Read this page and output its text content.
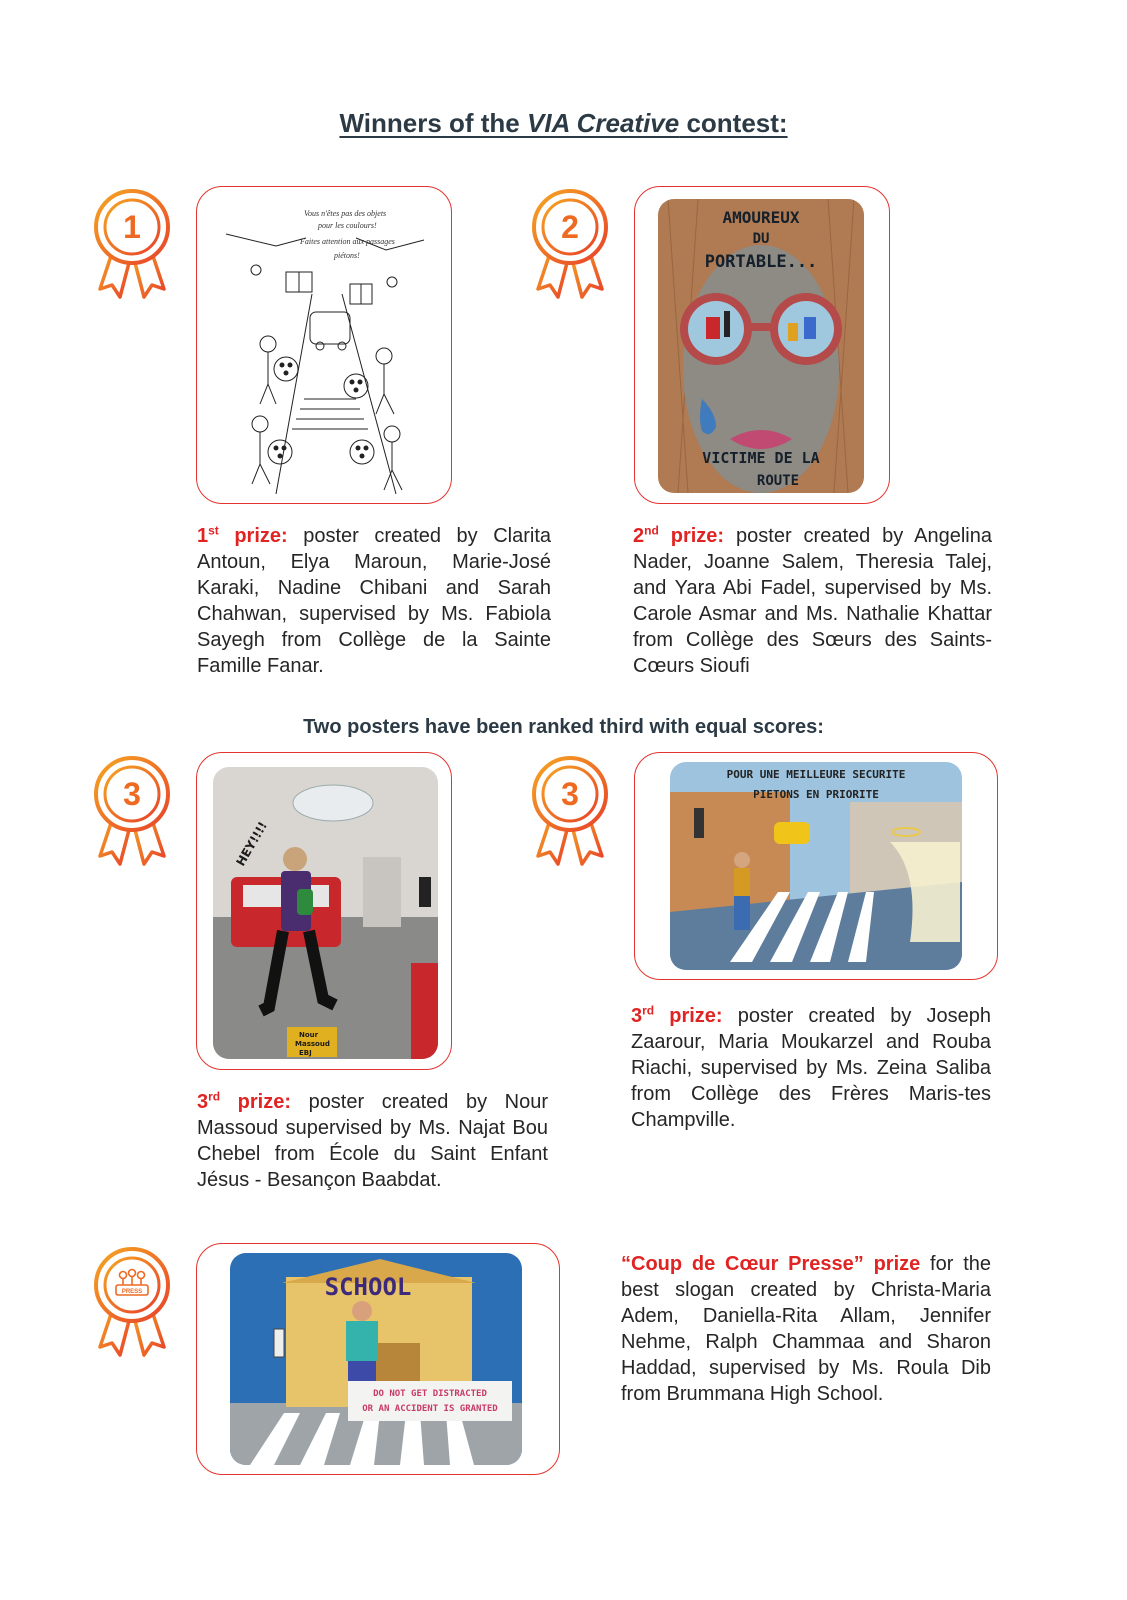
Winners of the VIA Creative contest:
1	2
3	3
PRESS
Vous n'êtes pas des objets
pour les coulours!
Faites attention aux passages
piétons!
AMOUREUX
DU
PORTABLE...
VICTIME DE LA
ROUTE
HEY!!!!
Nour
Massoud
EBJ
POUR UNE MEILLEURE SECURITE
PIETONS EN PRIORITE
SCHOOL
DO NOT GET DISTRACTED
OR AN ACCIDENT IS GRANTED
1st prize: poster created by Clarita Antoun, Elya Maroun, Marie-José Karaki, Nadine Chibani and Sarah Chahwan, supervised by Ms. Fabiola Sayegh from Collège de la Sainte Famille Fanar.
2nd prize: poster created by Angelina Nader, Joanne Salem, Theresia Talej, and Yara Abi Fadel, supervised by Ms. Carole Asmar and Ms. Nathalie Khattar from Collège des Sœurs des Saints-Cœurs Sioufi
Two posters have been ranked third with equal scores:
3rd prize: poster created by Nour Massoud supervised by Ms. Najat Bou Chebel from École du Saint Enfant Jésus - Besançon Baabdat.
3rd prize: poster created by Joseph Zaarour, Maria Moukarzel and Rouba Riachi, supervised by Ms. Zeina Saliba from Collège des Frères Maris-tes Champville.
“Coup de Cœur Presse” prize for the best slogan created by Christa-Maria Adem, Daniella-Rita Allam, Jennifer Nehme, Ralph Chammaa and Sharon Haddad, supervised by Ms. Roula Dib from Brummana High School.
